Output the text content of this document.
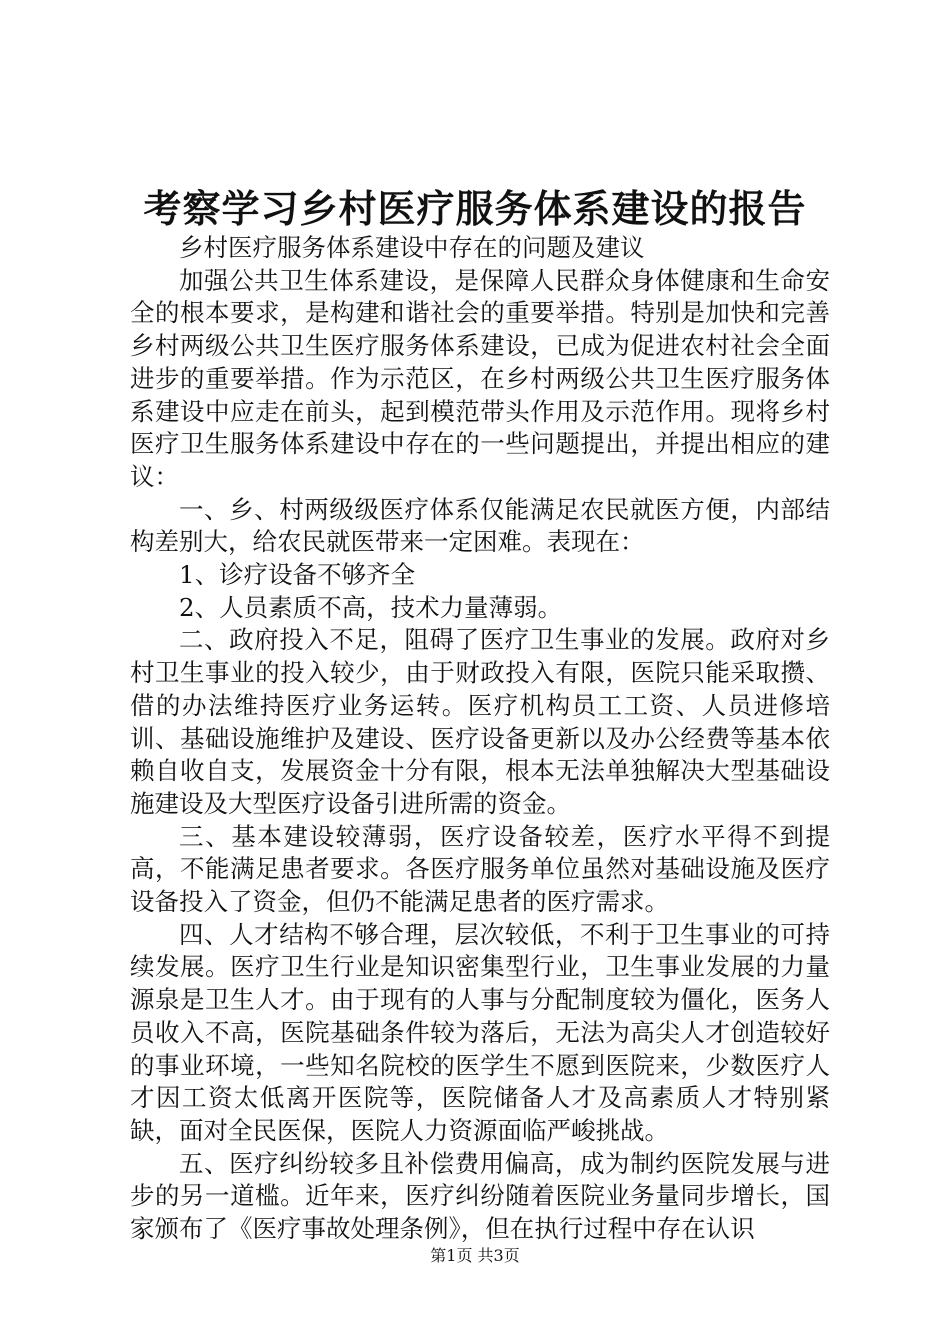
考察学习乡村医疗服务体系建设的报告

乡村医疗服务体系建设中存在的问题及建议

加强公共卫生体系建设，是保障人民群众身体健康和生命安全的根本要求，是构建和谐社会的重要举措。特别是加快和完善乡村两级公共卫生医疗服务体系建设，已成为促进农村社会全面进步的重要举措。作为示范区，在乡村两级公共卫生医疗服务体系建设中应走在前头，起到模范带头作用及示范作用。现将乡村医疗卫生服务体系建设中存在的一些问题提出，并提出相应的建议：

一、乡、村两级级医疗体系仅能满足农民就医方便，内部结构差别大，给农民就医带来一定困难。表现在：

1、诊疗设备不够齐全

2、人员素质不高，技术力量薄弱。

二、政府投入不足，阻碍了医疗卫生事业的发展。政府对乡村卫生事业的投入较少，由于财政投入有限，医院只能采取攒、借的办法维持医疗业务运转。医疗机构员工工资、人员进修培训、基础设施维护及建设、医疗设备更新以及办公经费等基本依赖自收自支，发展资金十分有限，根本无法单独解决大型基础设施建设及大型医疗设备引进所需的资金。

三、基本建设较薄弱，医疗设备较差，医疗水平得不到提高，不能满足患者要求。各医疗服务单位虽然对基础设施及医疗设备投入了资金，但仍不能满足患者的医疗需求。

四、人才结构不够合理，层次较低，不利于卫生事业的可持续发展。医疗卫生行业是知识密集型行业，卫生事业发展的力量源泉是卫生人才。由于现有的人事与分配制度较为僵化，医务人员收入不高，医院基础条件较为落后，无法为高尖人才创造较好的事业环境，一些知名院校的医学生不愿到医院来，少数医疗人才因工资太低离开医院等，医院储备人才及高素质人才特别紧缺，面对全民医保，医院人力资源面临严峻挑战。

五、医疗纠纷较多且补偿费用偏高，成为制约医院发展与进步的另一道槛。近年来，医疗纠纷随着医院业务量同步增长，国家颁布了《医疗事故处理条例》，但在执行过程中存在认识

第1页 共3页
